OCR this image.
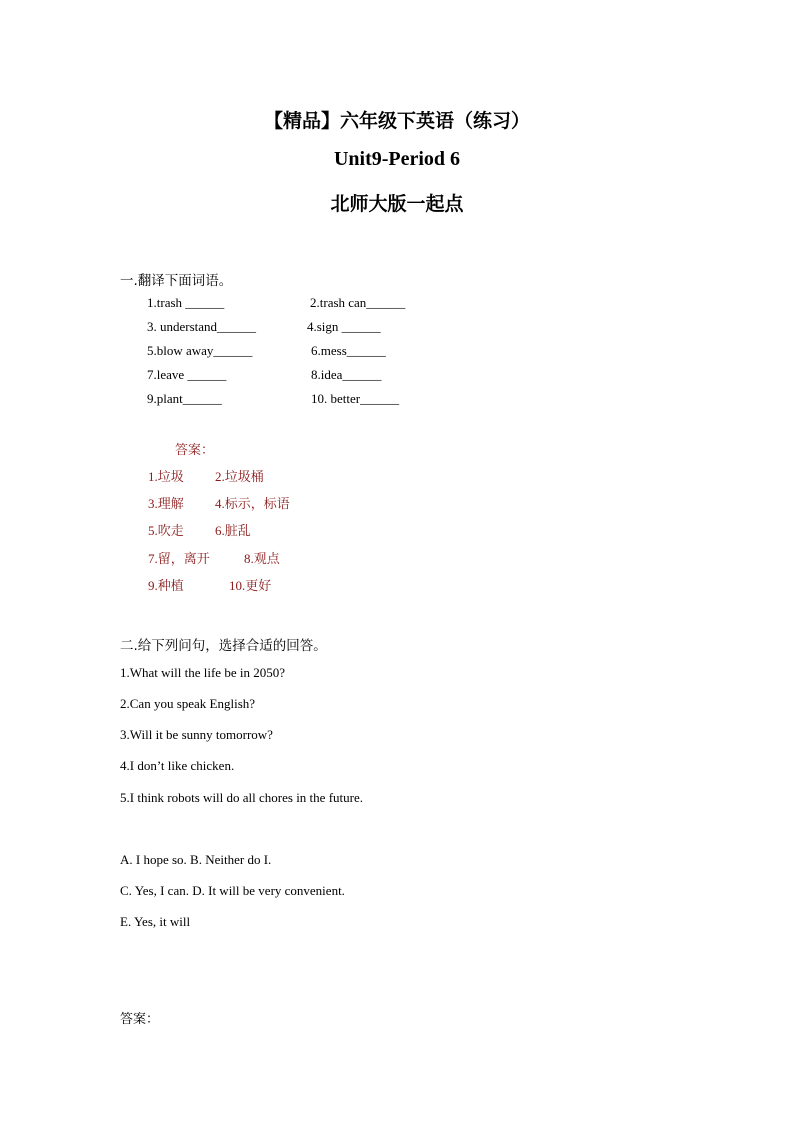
【精品】六年级下英语（练习）
Unit9-Period 6
北师大版一起点
一.翻译下面词语。
1.trash ______	2.trash can______
3. understand______	4.sign ______
5.blow away______	6.mess______
7.leave ______	8.idea______
9.plant______	10. better______
答案：
1.垃圾 2.垃圾桶
3.理解 4.标示，标语
5.吹走 6.脏乱
7.留，离开	8.观点
9.种植	10.更好
二.给下列问句，选择合适的回答。
1.What will the life be in 2050?
2.Can you speak English?
3.Will it be sunny tomorrow?
4.I don’t like chicken.
5.I think robots will do all chores in the future.
A. I hope so. B. Neither do I.
C. Yes, I can. D. It will be very convenient.
E. Yes, it will
答案：
